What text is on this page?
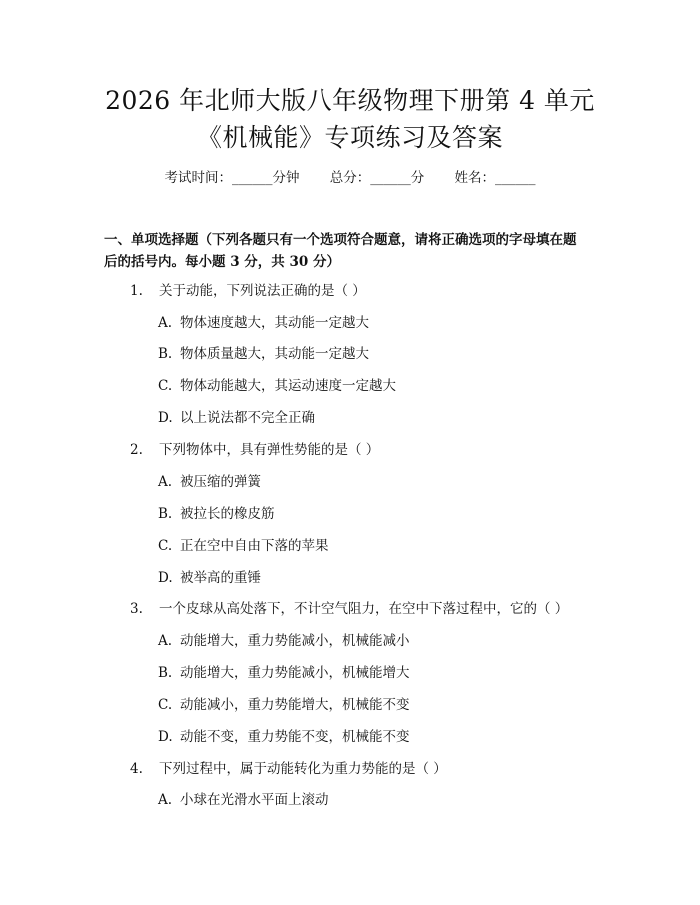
2026 年北师大版八年级物理下册第 4 单元
《机械能》专项练习及答案
考试时间：______分钟 总分：______分 姓名：______
一、单项选择题（下列各题只有一个选项符合题意，请将正确选项的字母填在题
后的括号内。每小题 3 分，共 30 分）
1. 关于动能，下列说法正确的是（ ）
A. 物体速度越大，其动能一定越大
B. 物体质量越大，其动能一定越大
C. 物体动能越大，其运动速度一定越大
D. 以上说法都不完全正确
2. 下列物体中，具有弹性势能的是（ ）
A. 被压缩的弹簧
B. 被拉长的橡皮筋
C. 正在空中自由下落的苹果
D. 被举高的重锤
3. 一个皮球从高处落下，不计空气阻力，在空中下落过程中，它的（ ）
A. 动能增大，重力势能减小，机械能减小
B. 动能增大，重力势能减小，机械能增大
C. 动能减小，重力势能增大，机械能不变
D. 动能不变，重力势能不变，机械能不变
4. 下列过程中，属于动能转化为重力势能的是（ ）
A. 小球在光滑水平面上滚动
